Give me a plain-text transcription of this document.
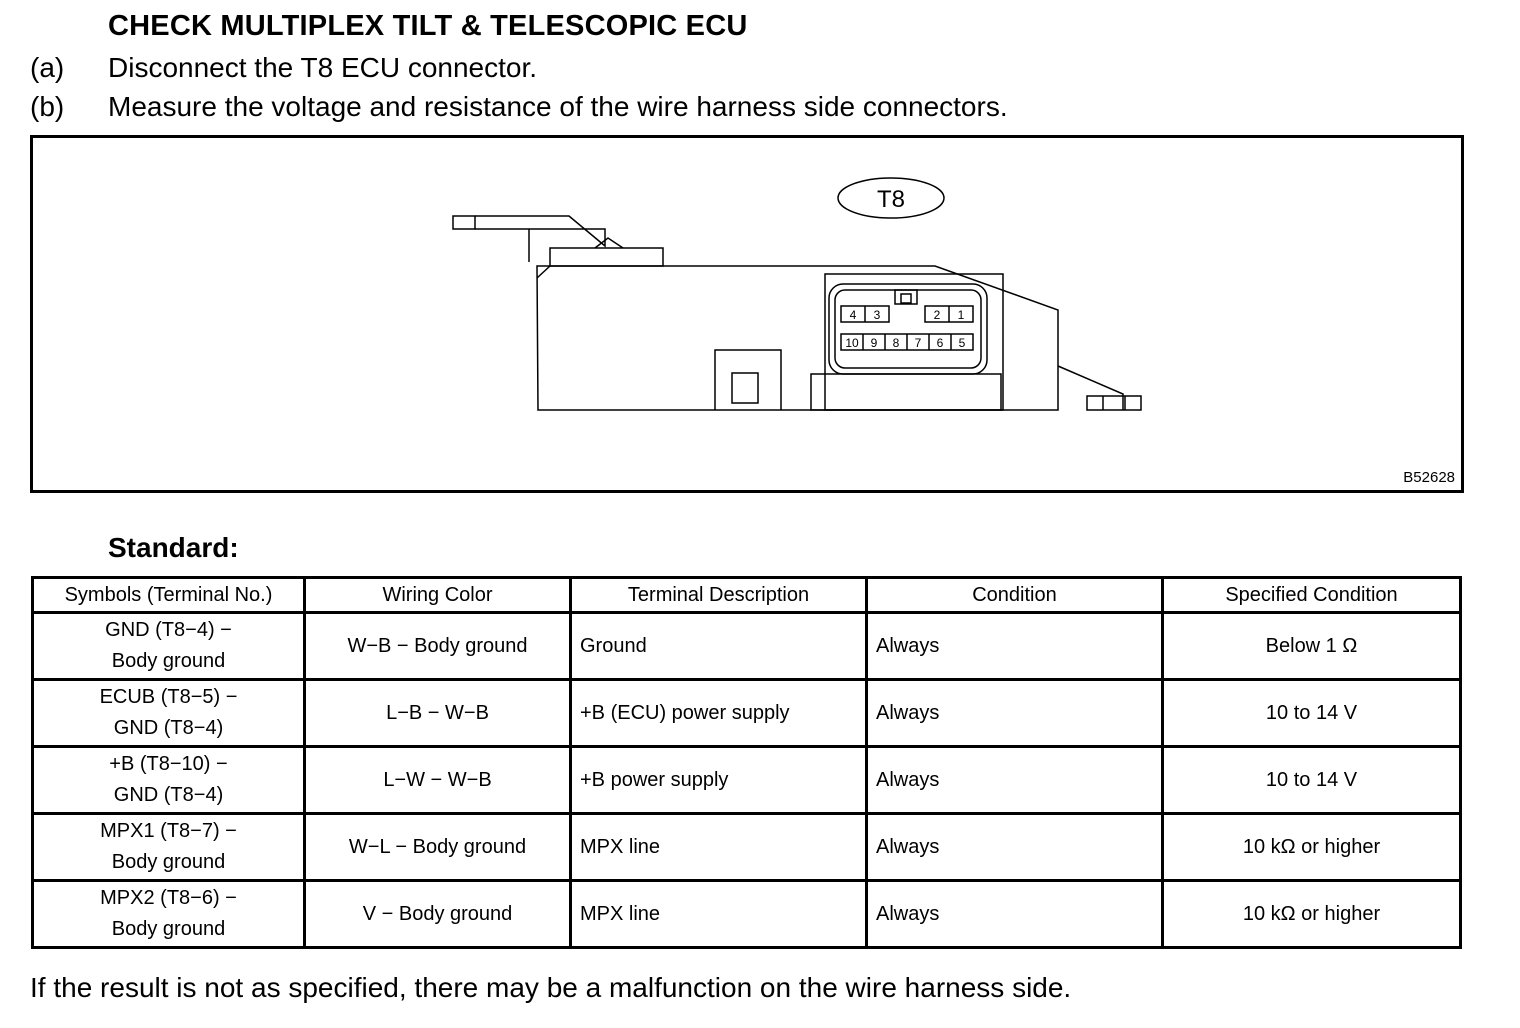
CHECK MULTIPLEX TILT & TELESCOPIC ECU
(a) Disconnect the T8 ECU connector.
(b) Measure the voltage and resistance of the wire harness side connectors.
4 3	2 1
10 9 8 7 6 5
T8
B52628
Standard:
Symbols (Terminal No.)	Wiring Color	Terminal Description	Condition	Specified Condition

GND (T8−4) −
Body ground	W−B − Body ground	Ground	Always	Below 1 Ω

ECUB (T8−5) −
GND (T8−4)	L−B − W−B	+B (ECU) power supply	Always	10 to 14 V

+B (T8−10) −
GND (T8−4)	L−W − W−B	+B power supply	Always	10 to 14 V

MPX1 (T8−7) −
Body ground	W−L − Body ground	MPX line	Always	10 kΩ or higher

MPX2 (T8−6) −
Body ground	V − Body ground	MPX line	Always	10 kΩ or higher
If the result is not as specified, there may be a malfunction on the wire harness side.
